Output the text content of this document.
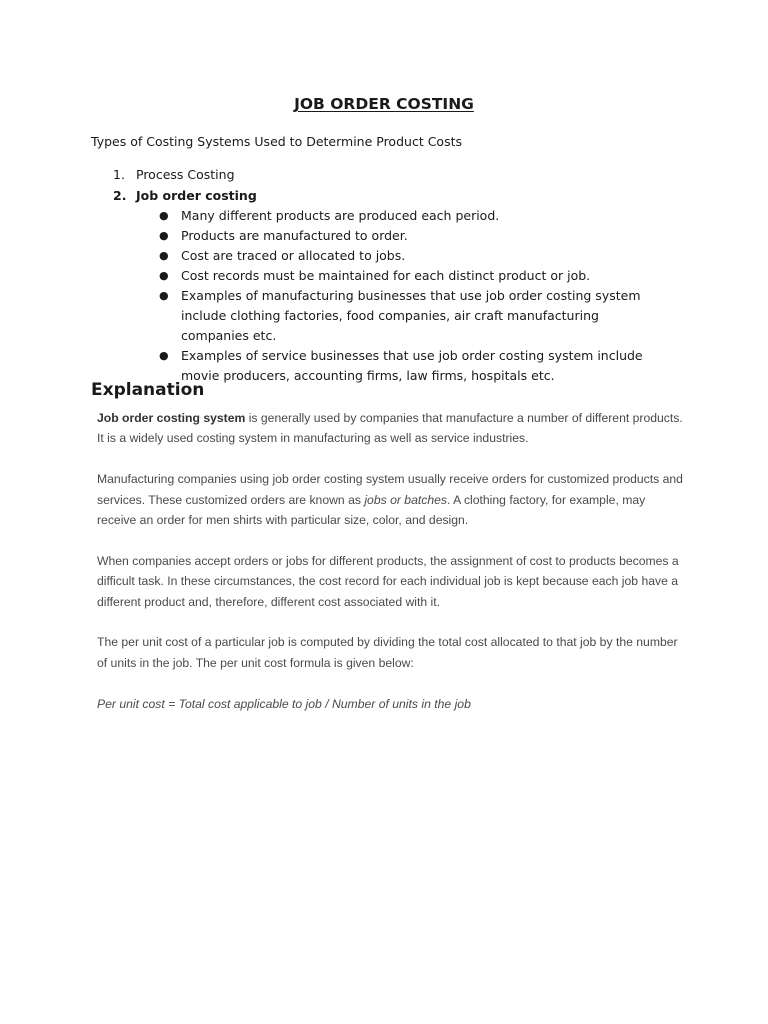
JOB ORDER COSTING
Types of Costing Systems Used to Determine Product Costs
1. Process Costing
2. Job order costing
● Many different products are produced each period.
● Products are manufactured to order.
● Cost are traced or allocated to jobs.
● Cost records must be maintained for each distinct product or job.
● Examples of manufacturing businesses that use job order costing system include clothing factories, food companies, air craft manufacturing companies etc.
● Examples of service businesses that use job order costing system include movie producers, accounting firms, law firms, hospitals etc.
Explanation

Job order costing system is generally used by companies that manufacture a number of different products. It is a widely used costing system in manufacturing as well as service industries.

Manufacturing companies using job order costing system usually receive orders for customized products and services. These customized orders are known as jobs or batches. A clothing factory, for example, may receive an order for men shirts with particular size, color, and design.

When companies accept orders or jobs for different products, the assignment of cost to products becomes a difficult task. In these circumstances, the cost record for each individual job is kept because each job have a different product and, therefore, different cost associated with it.

The per unit cost of a particular job is computed by dividing the total cost allocated to that job by the number of units in the job. The per unit cost formula is given below:

Per unit cost = Total cost applicable to job / Number of units in the job
